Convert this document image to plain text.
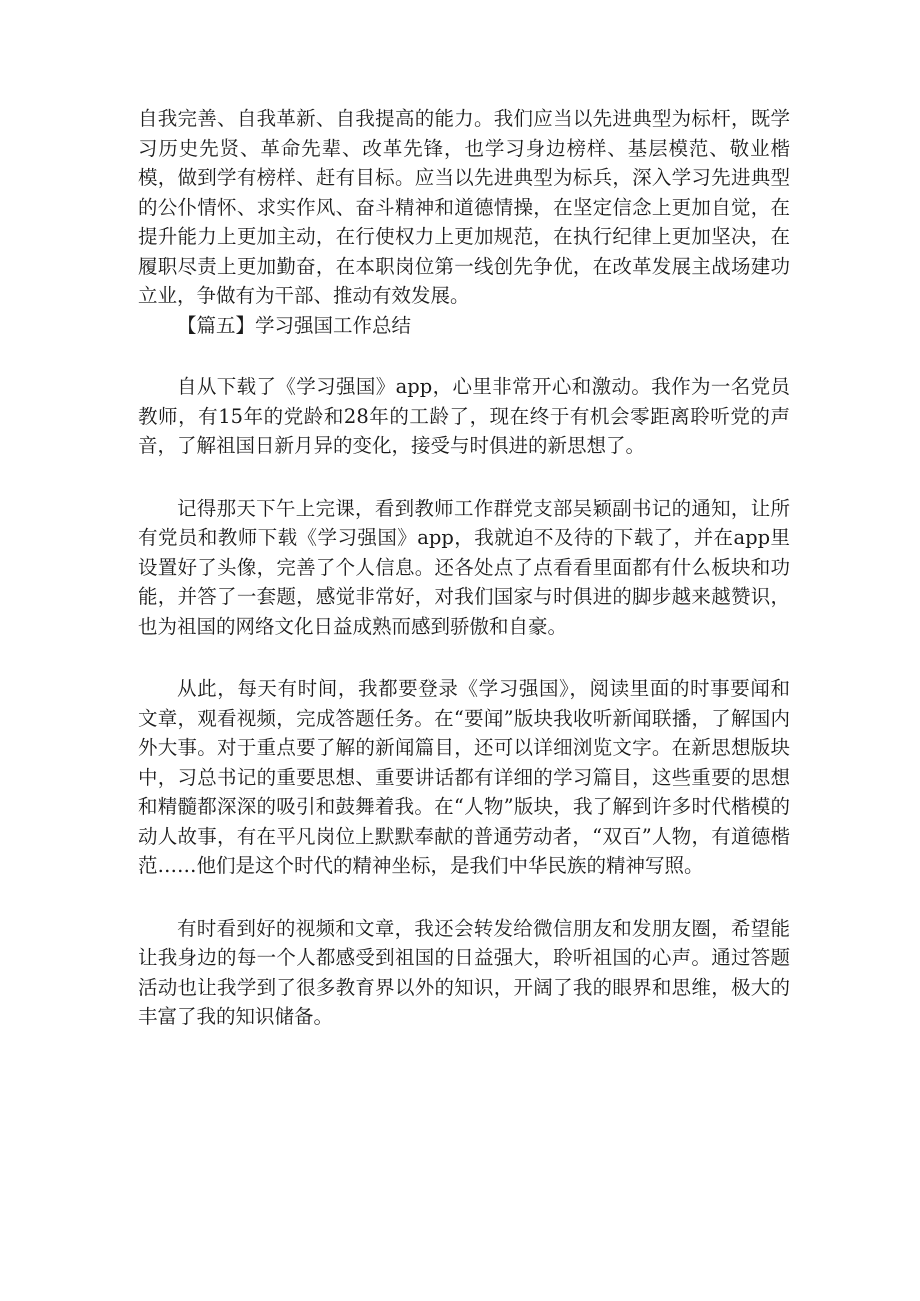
自我完善、自我革新、自我提高的能力。我们应当以先进典型为标杆，既学习历史先贤、革命先辈、改革先锋，也学习身边榜样、基层模范、敬业楷模，做到学有榜样、赶有目标。应当以先进典型为标兵，深入学习先进典型的公仆情怀、求实作风、奋斗精神和道德情操，在坚定信念上更加自觉，在提升能力上更加主动，在行使权力上更加规范，在执行纪律上更加坚决，在履职尽责上更加勤奋，在本职岗位第一线创先争优，在改革发展主战场建功立业，争做有为干部、推动有效发展。

【篇五】学习强国工作总结

自从下载了《学习强国》app，心里非常开心和激动。我作为一名党员教师，有15年的党龄和28年的工龄了，现在终于有机会零距离聆听党的声音，了解祖国日新月异的变化，接受与时俱进的新思想了。

记得那天下午上完课，看到教师工作群党支部吴颖副书记的通知，让所有党员和教师下载《学习强国》app，我就迫不及待的下载了，并在app里设置好了头像，完善了个人信息。还各处点了点看看里面都有什么板块和功能，并答了一套题，感觉非常好，对我们国家与时俱进的脚步越来越赞识，也为祖国的网络文化日益成熟而感到骄傲和自豪。

从此，每天有时间，我都要登录《学习强国》，阅读里面的时事要闻和文章，观看视频，完成答题任务。在“要闻”版块我收听新闻联播，了解国内外大事。对于重点要了解的新闻篇目，还可以详细浏览文字。在新思想版块中，习总书记的重要思想、重要讲话都有详细的学习篇目，这些重要的思想和精髓都深深的吸引和鼓舞着我。在“人物”版块，我了解到许多时代楷模的动人故事，有在平凡岗位上默默奉献的普通劳动者，“双百”人物，有道德楷范……他们是这个时代的精神坐标，是我们中华民族的精神写照。

有时看到好的视频和文章，我还会转发给微信朋友和发朋友圈，希望能让我身边的每一个人都感受到祖国的日益强大，聆听祖国的心声。通过答题活动也让我学到了很多教育界以外的知识，开阔了我的眼界和思维，极大的丰富了我的知识储备。
